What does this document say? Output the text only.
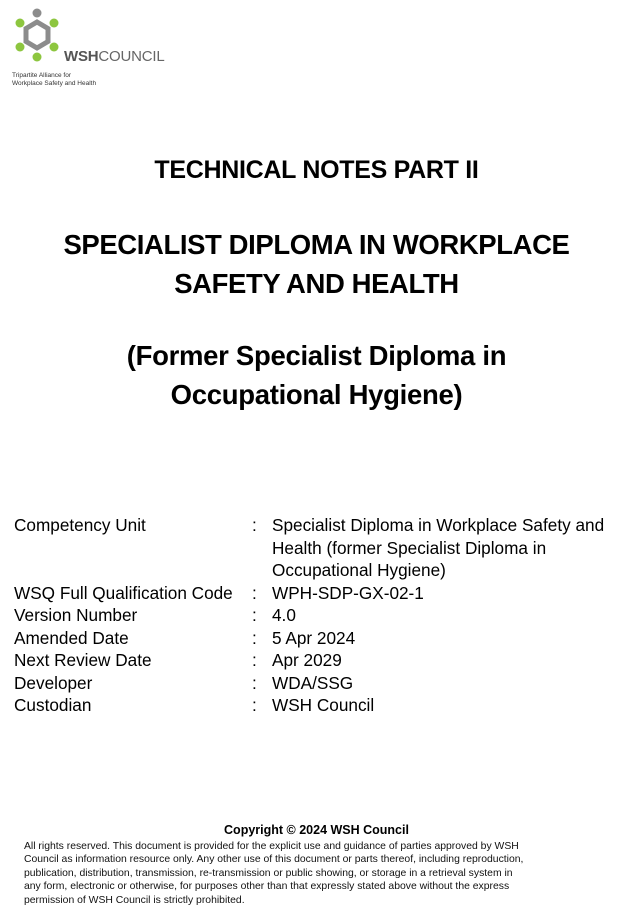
WSHCOUNCIL
Tripartite Alliance for
Workplace Safety and Health
TECHNICAL NOTES PART II
SPECIALIST DIPLOMA IN WORKPLACE
SAFETY AND HEALTH
(Former Specialist Diploma in
Occupational Hygiene)
Competency Unit	: Specialist Diploma in Workplace Safety and
Health (former Specialist Diploma in
Occupational Hygiene)
WSQ Full Qualification Code	: WPH-SDP-GX-02-1
Version Number	: 4.0
Amended Date	: 5 Apr 2024
Next Review Date	: Apr 2029
Developer	: WDA/SSG
Custodian	: WSH Council
Copyright © 2024 WSH Council
All rights reserved. This document is provided for the explicit use and guidance of parties approved by WSH
Council as information resource only. Any other use of this document or parts thereof, including reproduction,
publication, distribution, transmission, re-transmission or public showing, or storage in a retrieval system in
any form, electronic or otherwise, for purposes other than that expressly stated above without the express
permission of WSH Council is strictly prohibited.
